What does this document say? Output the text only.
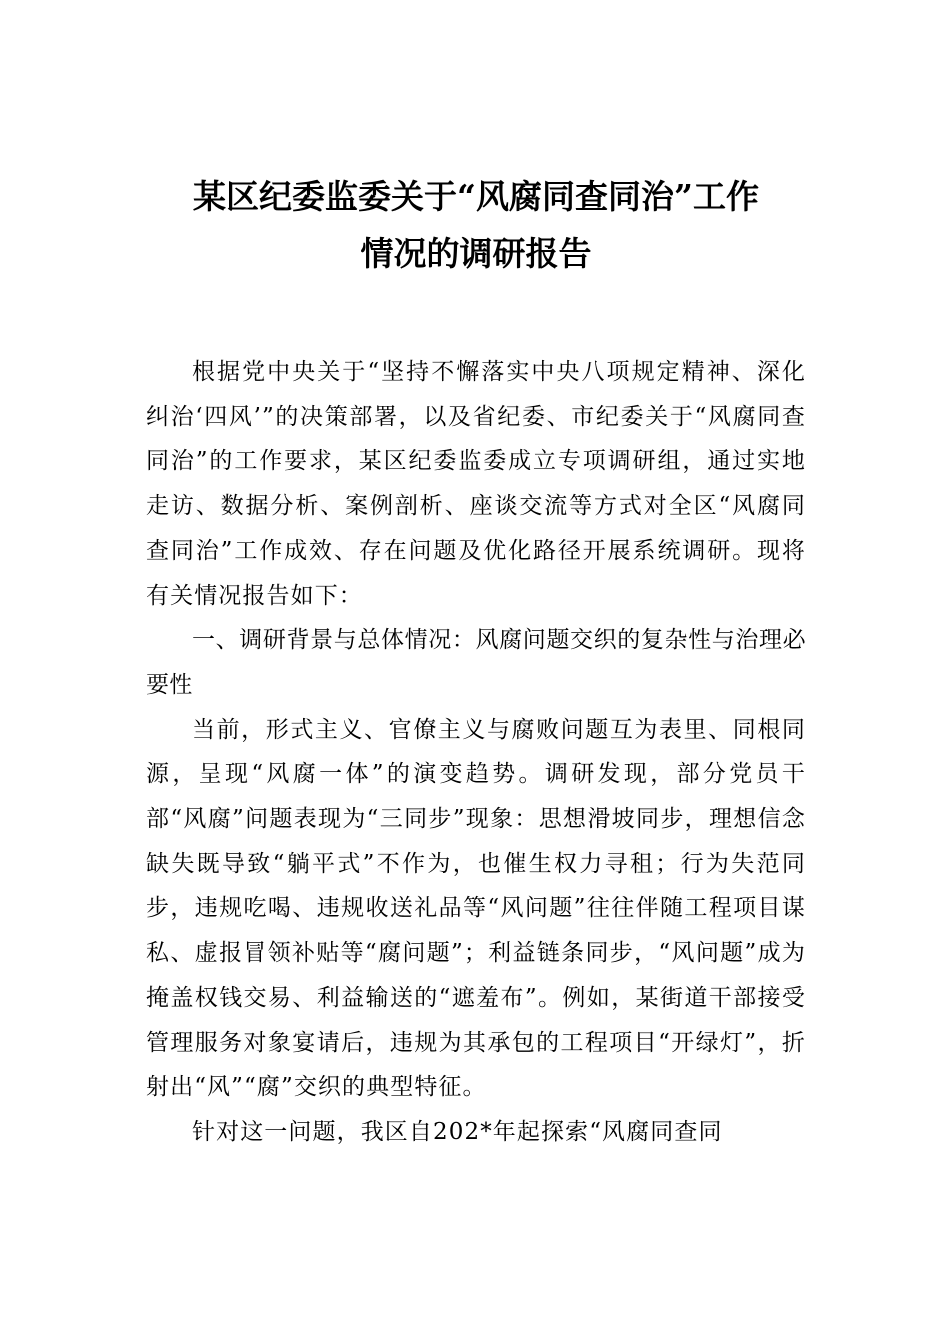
某区纪委监委关于“风腐同查同治”工作
情况的调研报告

根据党中央关于“坚持不懈落实中央八项规定精神、深化纠治‘四风’”的决策部署，以及省纪委、市纪委关于“风腐同查同治”的工作要求，某区纪委监委成立专项调研组，通过实地走访、数据分析、案例剖析、座谈交流等方式对全区“风腐同查同治”工作成效、存在问题及优化路径开展系统调研。现将有关情况报告如下：

一、调研背景与总体情况：风腐问题交织的复杂性与治理必要性

当前，形式主义、官僚主义与腐败问题互为表里、同根同源，呈现“风腐一体”的演变趋势。调研发现，部分党员干部“风腐”问题表现为“三同步”现象：思想滑坡同步，理想信念缺失既导致“躺平式”不作为，也催生权力寻租；行为失范同步，违规吃喝、违规收送礼品等“风问题”往往伴随工程项目谋私、虚报冒领补贴等“腐问题”；利益链条同步，“风问题”成为掩盖权钱交易、利益输送的“遮羞布”。例如，某街道干部接受管理服务对象宴请后，违规为其承包的工程项目“开绿灯”，折射出“风”“腐”交织的典型特征。

针对这一问题，我区自202*年起探索“风腐同查同
